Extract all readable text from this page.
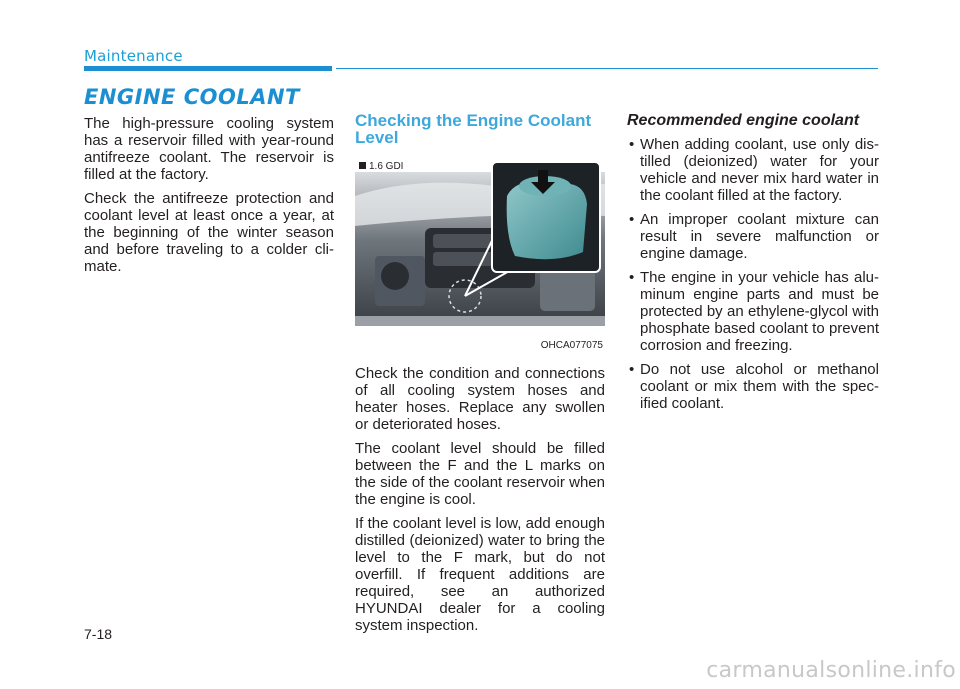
Maintenance
ENGINE COOLANT

The high-pressure cooling system has a reservoir filled with year-round antifreeze coolant. The reservoir is filled at the factory.

Check the antifreeze protection and coolant level at least once a year, at the beginning of the winter season and before traveling to a colder cli-mate.

Checking the Engine Coolant Level
1.6 GDI
OHCA077075

Check the condition and connections of all cooling system hoses and heater hoses. Replace any swollen or deteriorated hoses.

The coolant level should be filled between the F and the L marks on the side of the coolant reservoir when the engine is cool.

If the coolant level is low, add enough distilled (deionized) water to bring the level to the F mark, but do not overfill. If frequent additions are required, see an authorized HYUNDAI dealer for a cooling system inspection.

Recommended engine coolant
• When adding coolant, use only dis-tilled (deionized) water for your vehicle and never mix hard water in the coolant filled at the factory.
• An improper coolant mixture can result in severe malfunction or engine damage.
• The engine in your vehicle has alu-minum engine parts and must be protected by an ethylene-glycol with phosphate based coolant to prevent corrosion and freezing.
• Do not use alcohol or methanol coolant or mix them with the spec-ified coolant.
7-18
carmanualsonline.info
